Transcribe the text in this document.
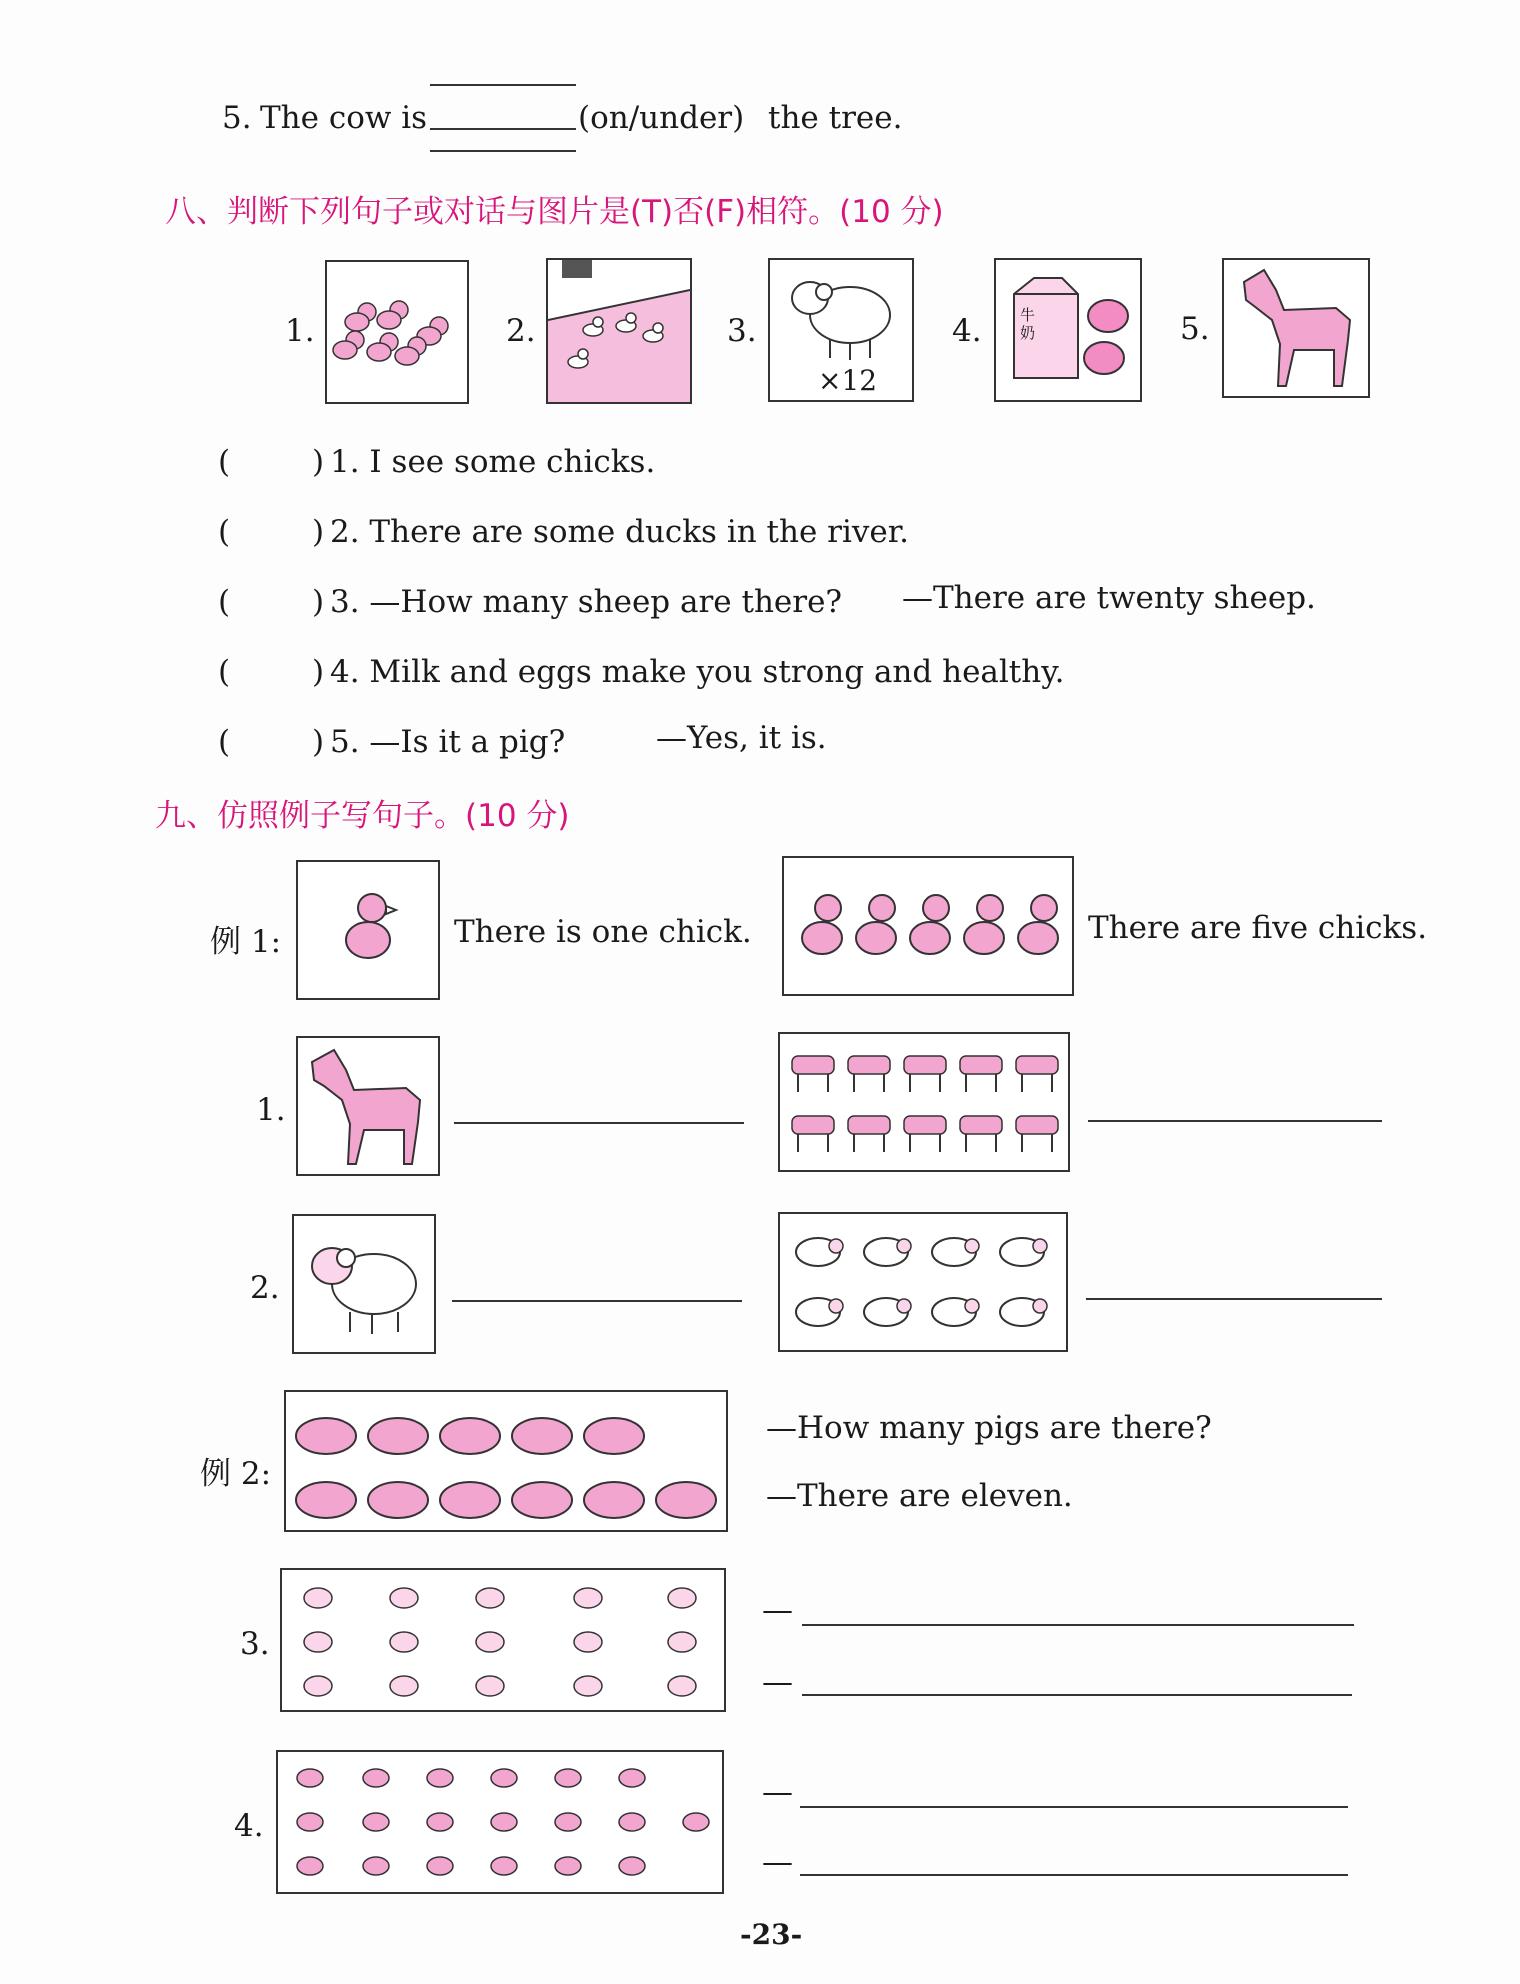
5. The cow is	(on/under) the tree.
八、判断下列句子或对话与图片是(T)否(F)相符。(10 分)
1.	2.	3.
×12
4.	牛奶	5.
(	) 1. I see some chicks.
(	) 2. There are some ducks in the river.
(	) 3. —How many sheep are there? —There are twenty sheep.
(	) 4. Milk and eggs make you strong and healthy.
(	) 5. —Is it a pig?	—Yes, it is.
九、仿照例子写句子。(10 分)
例 1:	There is one chick.	There are five chicks.
1.
2.
例 2:
—How many pigs are there?
—There are eleven.
3.
—
—
4.
—
—
-23-
